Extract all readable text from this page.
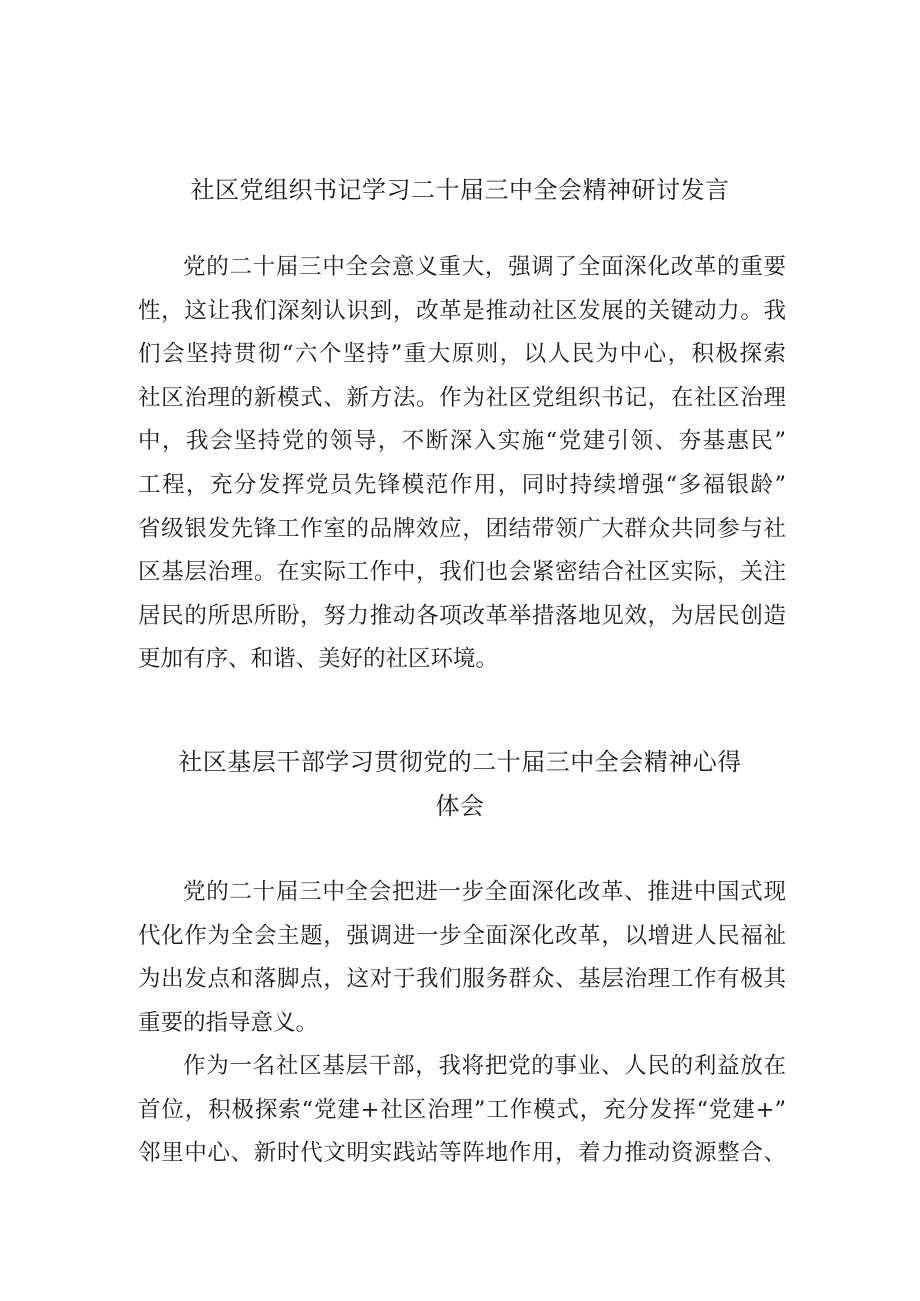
社区党组织书记学习二十届三中全会精神研讨发言
党的二十届三中全会意义重大，强调了全面深化改革的重要
性，这让我们深刻认识到，改革是推动社区发展的关键动力。我
们会坚持贯彻“六个坚持”重大原则，以人民为中心，积极探索
社区治理的新模式、新方法。作为社区党组织书记，在社区治理
中，我会坚持党的领导，不断深入实施“党建引领、夯基惠民”
工程，充分发挥党员先锋模范作用，同时持续增强“多福银龄”
省级银发先锋工作室的品牌效应，团结带领广大群众共同参与社
区基层治理。在实际工作中，我们也会紧密结合社区实际，关注
居民的所思所盼，努力推动各项改革举措落地见效，为居民创造
更加有序、和谐、美好的社区环境。
社区基层干部学习贯彻党的二十届三中全会精神心得
体会
党的二十届三中全会把进一步全面深化改革、推进中国式现
代化作为全会主题，强调进一步全面深化改革，以增进人民福祉
为出发点和落脚点，这对于我们服务群众、基层治理工作有极其
重要的指导意义。
作为一名社区基层干部，我将把党的事业、人民的利益放在
首位，积极探索“党建+社区治理”工作模式，充分发挥“党建+”
邻里中心、新时代文明实践站等阵地作用，着力推动资源整合、
